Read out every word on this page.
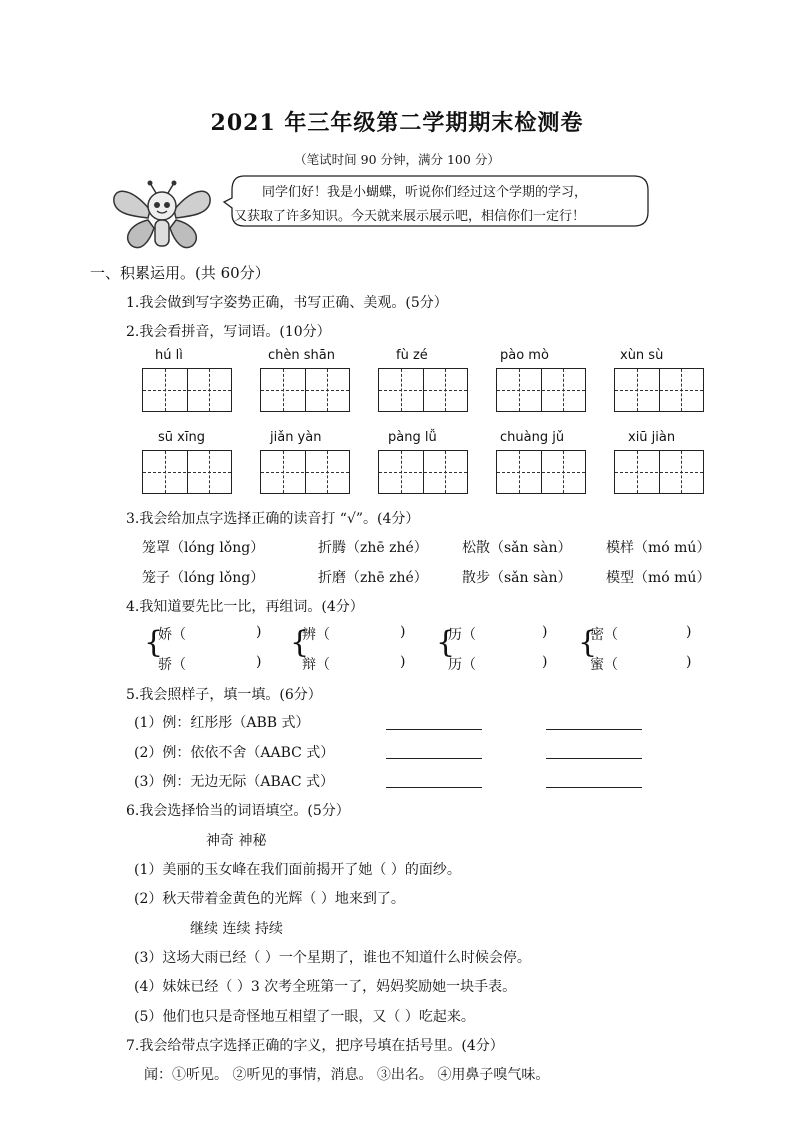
2021 年三年级第二学期期末检测卷
（笔试时间 90 分钟，满分 100 分）
同学们好！我是小蝴蝶，听说你们经过这个学期的学习，
又获取了许多知识。今天就来展示展示吧，相信你们一定行！
一、积累运用。(共 60分）
1.我会做到写字姿势正确，书写正确、美观。(5分）
2.我会看拼音，写词语。(10分）
hú lì	chèn shān	fù zé	pào mò	xùn sù
sū xīng	jiǎn yàn	pàng lǚ	chuàng jǔ	xiū jiàn
3.我会给加点字选择正确的读音打 “√”。(4分）
笼罩（lóng lǒng）	折腾（zhē zhé） 松散（sǎn sàn） 模样（mó mú）
笼子（lóng lǒng）	折磨（zhē zhé） 散步（sǎn sàn） 模型（mó mú）
4.我知道要先比一比，再组词。(4分）
{
娇（	)
骄（	)
{
辨（	)
辩（	)
{
历（	)
历（	)
{
密（	)
蜜（	)
5.我会照样子，填一填。(6分）
(1）例：红彤彤（ABB 式）
(2）例：依依不舍（AABC 式）
(3）例：无边无际（ABAC 式）
6.我会选择恰当的词语填空。(5分）
神奇 神秘
(1）美丽的玉女峰在我们面前揭开了她（ ）的面纱。
(2）秋天带着金黄色的光辉（ ）地来到了。
继续 连续 持续
(3）这场大雨已经（ ）一个星期了，谁也不知道什么时候会停。
(4）妹妹已经（ ）3 次考全班第一了，妈妈奖励她一块手表。
(5）他们也只是奇怪地互相望了一眼，又（ ）吃起来。
7.我会给带点字选择正确的字义，把序号填在括号里。(4分）
闻：①听见。 ②听见的事情，消息。 ③出名。 ④用鼻子嗅气味。
